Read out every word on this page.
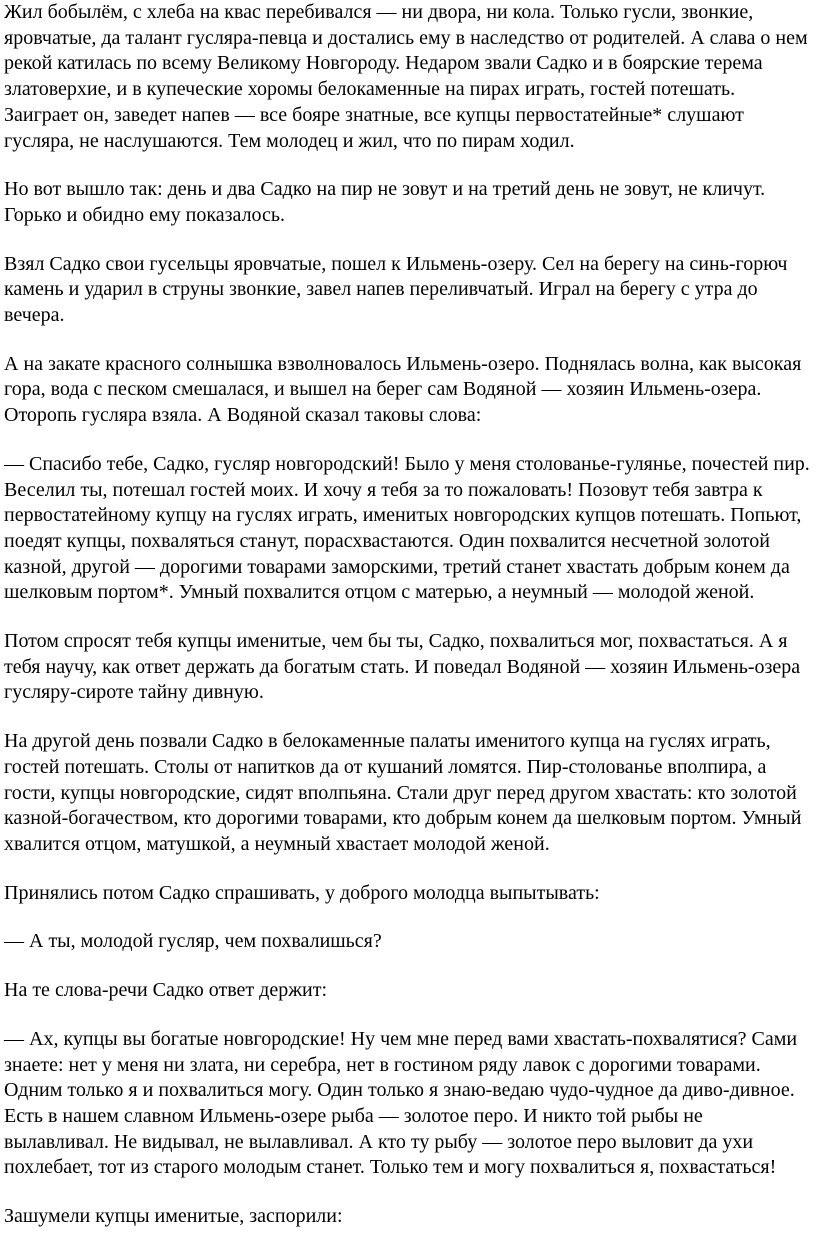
Жил бобылём, с хлеба на квас перебивался — ни двора, ни кола. Только гусли, звонкие, яровчатые, да талант гусляра-певца и достались ему в наследство от родителей. А слава о нем рекой катилась по всему Великому Новгороду. Недаром звали Садко и в боярские терема златоверхие, и в купеческие хоромы белокаменные на пирах играть, гостей потешать. Заиграет он, заведет напев — все бояре знатные, все купцы первостатейные* слушают гусляра, не наслушаются. Тем молодец и жил, что по пирам ходил.

Но вот вышло так: день и два Садко на пир не зовут и на третий день не зовут, не кличут. Горько и обидно ему показалось.

Взял Садко свои гусельцы яровчатые, пошел к Ильмень-озеру. Сел на берегу на синь-горюч камень и ударил в струны звонкие, завел напев переливчатый. Играл на берегу с утра до вечера.

А на закате красного солнышка взволновалось Ильмень-озеро. Поднялась волна, как высокая гора, вода с песком смешалася, и вышел на берег сам Водяной — хозяин Ильмень-озера. Оторопь гусляра взяла. А Водяной сказал таковы слова:

— Спасибо тебе, Садко, гусляр новгородский! Было у меня столованье-гулянье, почестей пир. Веселил ты, потешал гостей моих. И хочу я тебя за то пожаловать! Позовут тебя завтра к первостатейному купцу на гуслях играть, именитых новгородских купцов потешать. Попьют, поедят купцы, похваляться станут, порасхвастаются. Один похвалится несчетной золотой казной, другой — дорогими товарами заморскими, третий станет хвастать добрым конем да шелковым портом*. Умный похвалится отцом с матерью, а неумный — молодой женой.

Потом спросят тебя купцы именитые, чем бы ты, Садко, похвалиться мог, похвастаться. А я тебя научу, как ответ держать да богатым стать. И поведал Водяной — хозяин Ильмень-озера гусляру-сироте тайну дивную.

На другой день позвали Садко в белокаменные палаты именитого купца на гуслях играть, гостей потешать. Столы от напитков да от кушаний ломятся. Пир-столованье вполпира, а гости, купцы новгородские, сидят вполпьяна. Стали друг перед другом хвастать: кто золотой казной-богачеством, кто дорогими товарами, кто добрым конем да шелковым портом. Умный хвалится отцом, матушкой, а неумный хвастает молодой женой.

Принялись потом Садко спрашивать, у доброго молодца выпытывать:

— А ты, молодой гусляр, чем похвалишься?

На те слова-речи Садко ответ держит:

— Ах, купцы вы богатые новгородские! Ну чем мне перед вами хвастать-похвалятися? Сами знаете: нет у меня ни злата, ни серебра, нет в гостином ряду лавок с дорогими товарами. Одним только я и похвалиться могу. Один только я знаю-ведаю чудо-чудное да диво-дивное. Есть в нашем славном Ильмень-озере рыба — золотое перо. И никто той рыбы не вылавливал. Не видывал, не вылавливал. А кто ту рыбу — золотое перо выловит да ухи похлебает, тот из старого молодым станет. Только тем и могу похвалиться я, похвастаться!

Зашумели купцы именитые, заспорили:
